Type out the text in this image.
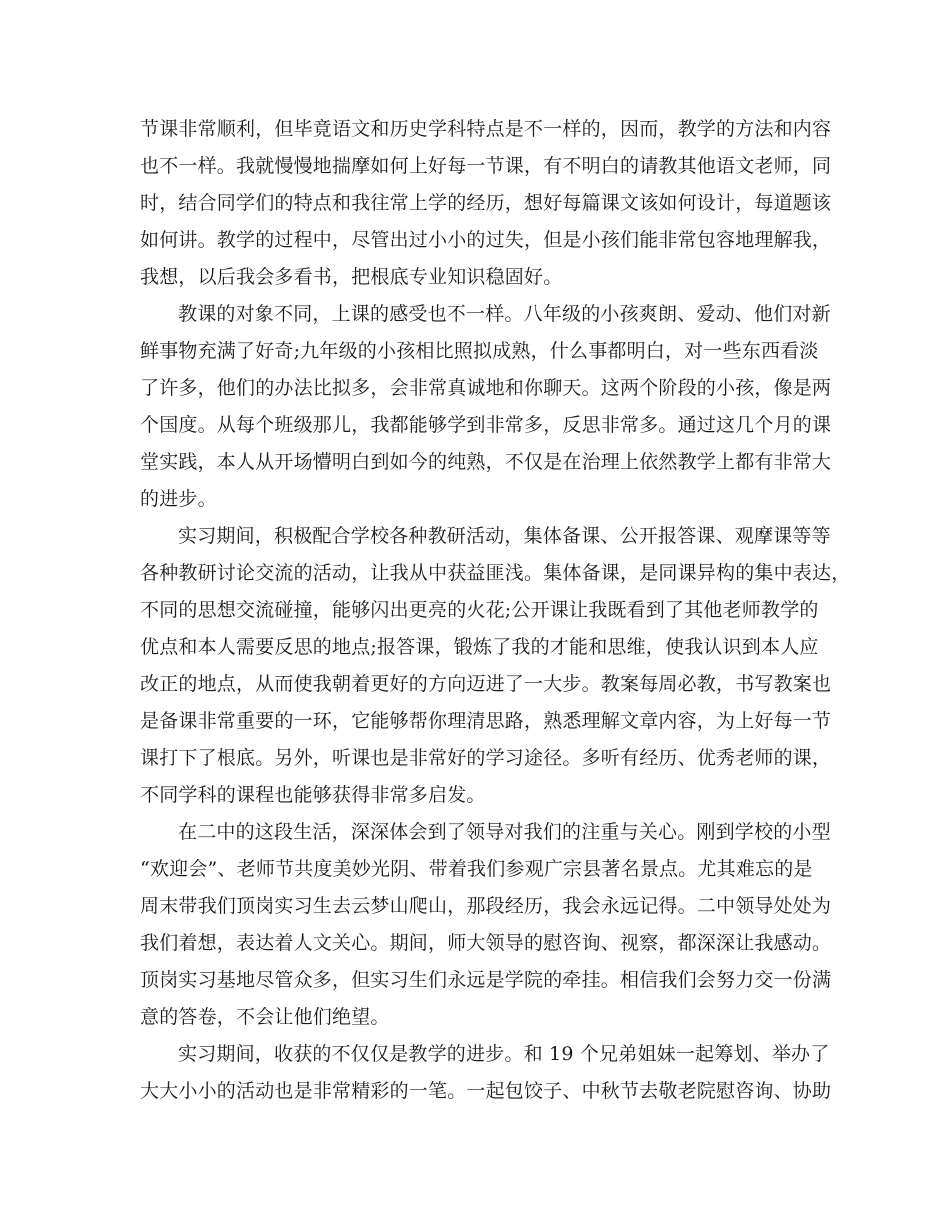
节课非常顺利，但毕竟语文和历史学科特点是不一样的，因而，教学的方法和内容
也不一样。我就慢慢地揣摩如何上好每一节课，有不明白的请教其他语文老师，同
时，结合同学们的特点和我往常上学的经历，想好每篇课文该如何设计，每道题该
如何讲。教学的过程中，尽管出过小小的过失，但是小孩们能非常包容地理解我，
我想，以后我会多看书，把根底专业知识稳固好。
教课的对象不同，上课的感受也不一样。八年级的小孩爽朗、爱动、他们对新
鲜事物充满了好奇;九年级的小孩相比照拟成熟，什么事都明白，对一些东西看淡
了许多，他们的办法比拟多，会非常真诚地和你聊天。这两个阶段的小孩，像是两
个国度。从每个班级那儿，我都能够学到非常多，反思非常多。通过这几个月的课
堂实践，本人从开场懵明白到如今的纯熟，不仅是在治理上依然教学上都有非常大
的进步。
实习期间，积极配合学校各种教研活动，集体备课、公开报答课、观摩课等等
各种教研讨论交流的活动，让我从中获益匪浅。集体备课，是同课异构的集中表达，
不同的思想交流碰撞，能够闪出更亮的火花;公开课让我既看到了其他老师教学的
优点和本人需要反思的地点;报答课，锻炼了我的才能和思维，使我认识到本人应
改正的地点，从而使我朝着更好的方向迈进了一大步。教案每周必教，书写教案也
是备课非常重要的一环，它能够帮你理清思路，熟悉理解文章内容，为上好每一节
课打下了根底。另外，听课也是非常好的学习途径。多听有经历、优秀老师的课，
不同学科的课程也能够获得非常多启发。
在二中的这段生活，深深体会到了领导对我们的注重与关心。刚到学校的小型
“欢迎会”、老师节共度美妙光阴、带着我们参观广宗县著名景点。尤其难忘的是
周末带我们顶岗实习生去云梦山爬山，那段经历，我会永远记得。二中领导处处为
我们着想，表达着人文关心。期间，师大领导的慰咨询、视察，都深深让我感动。
顶岗实习基地尽管众多，但实习生们永远是学院的牵挂。相信我们会努力交一份满
意的答卷，不会让他们绝望。
实习期间，收获的不仅仅是教学的进步。和 19 个兄弟姐妹一起筹划、举办了
大大小小的活动也是非常精彩的一笔。一起包饺子、中秋节去敬老院慰咨询、协助
